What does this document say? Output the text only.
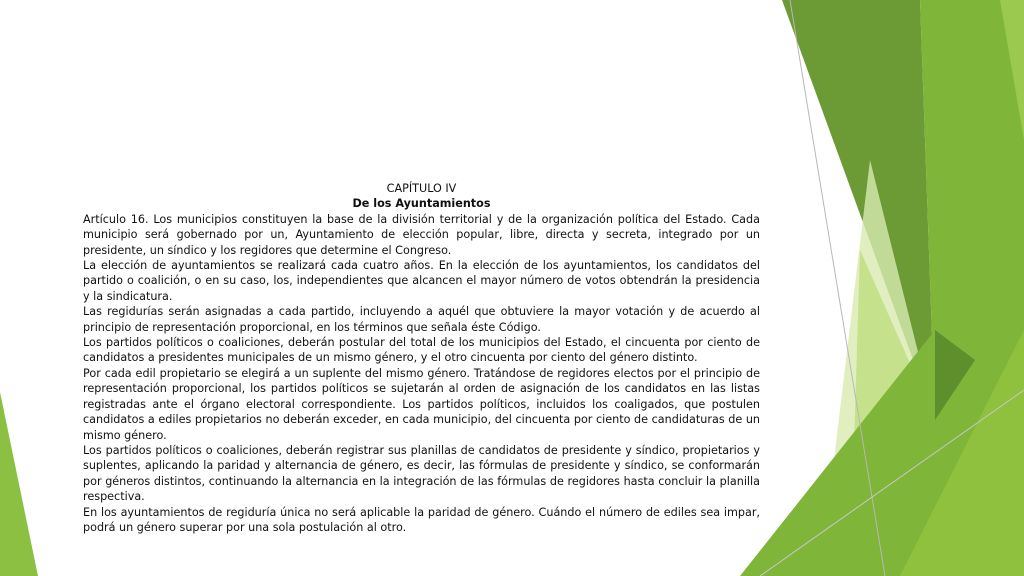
CAPÍTULO IV

De los Ayuntamientos

Artículo 16. Los municipios constituyen la base de la división territorial y de la organización política del Estado. Cada municipio será gobernado por un, Ayuntamiento de elección popular, libre, directa y secreta, integrado por un presidente, un síndico y los regidores que determine el Congreso.

La elección de ayuntamientos se realizará cada cuatro años. En la elección de los ayuntamientos, los candidatos del partido o coalición, o en su caso, los, independientes que alcancen el mayor número de votos obtendrán la presidencia y la sindicatura.

Las regidurías serán asignadas a cada partido, incluyendo a aquél que obtuviere la mayor votación y de acuerdo al principio de representación proporcional, en los términos que señala éste Código.

Los partidos políticos o coaliciones, deberán postular del total de los municipios del Estado, el cincuenta por ciento de candidatos a presidentes municipales de un mismo género, y el otro cincuenta por ciento del género distinto.

Por cada edil propietario se elegirá a un suplente del mismo género. Tratándose de regidores electos por el principio de representación proporcional, los partidos políticos se sujetarán al orden de asignación de los candidatos en las listas registradas ante el órgano electoral correspondiente. Los partidos políticos, incluidos los coaligados, que postulen candidatos a ediles propietarios no deberán exceder, en cada municipio, del cincuenta por ciento de candidaturas de un mismo género.

Los partidos políticos o coaliciones, deberán registrar sus planillas de candidatos de presidente y síndico, propietarios y suplentes, aplicando la paridad y alternancia de género, es decir, las fórmulas de presidente y síndico, se conformarán por géneros distintos, continuando la alternancia en la integración de las fórmulas de regidores hasta concluir la planilla respectiva.

En los ayuntamientos de regiduría única no será aplicable la paridad de género. Cuándo el número de ediles sea impar, podrá un género superar por una sola postulación al otro.
